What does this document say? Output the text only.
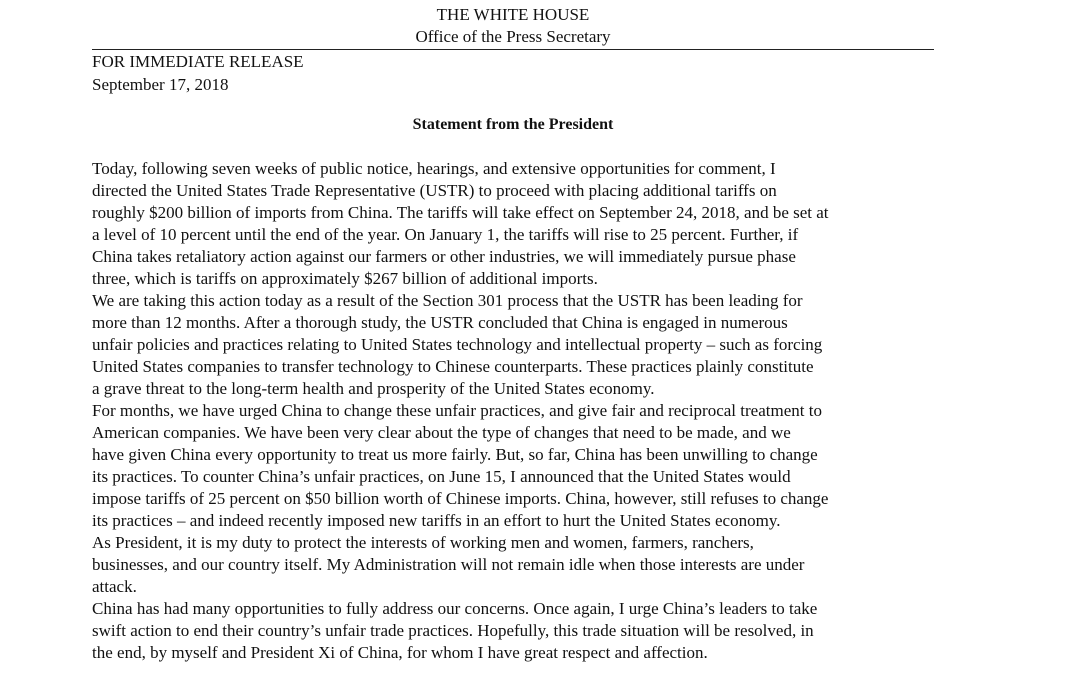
THE WHITE HOUSE
Office of the Press Secretary
FOR IMMEDIATE RELEASE
September 17, 2018
Statement from the President
Today, following seven weeks of public notice, hearings, and extensive opportunities for comment, I
directed the United States Trade Representative (USTR) to proceed with placing additional tariffs on
roughly $200 billion of imports from China. The tariffs will take effect on September 24, 2018, and be set at
a level of 10 percent until the end of the year. On January 1, the tariffs will rise to 25 percent. Further, if
China takes retaliatory action against our farmers or other industries, we will immediately pursue phase
three, which is tariffs on approximately $267 billion of additional imports.
We are taking this action today as a result of the Section 301 process that the USTR has been leading for
more than 12 months. After a thorough study, the USTR concluded that China is engaged in numerous
unfair policies and practices relating to United States technology and intellectual property – such as forcing
United States companies to transfer technology to Chinese counterparts. These practices plainly constitute
a grave threat to the long-term health and prosperity of the United States economy.
For months, we have urged China to change these unfair practices, and give fair and reciprocal treatment to
American companies. We have been very clear about the type of changes that need to be made, and we
have given China every opportunity to treat us more fairly. But, so far, China has been unwilling to change
its practices. To counter China’s unfair practices, on June 15, I announced that the United States would
impose tariffs of 25 percent on $50 billion worth of Chinese imports. China, however, still refuses to change
its practices – and indeed recently imposed new tariffs in an effort to hurt the United States economy.
As President, it is my duty to protect the interests of working men and women, farmers, ranchers,
businesses, and our country itself. My Administration will not remain idle when those interests are under
attack.
China has had many opportunities to fully address our concerns. Once again, I urge China’s leaders to take
swift action to end their country’s unfair trade practices. Hopefully, this trade situation will be resolved, in
the end, by myself and President Xi of China, for whom I have great respect and affection.
